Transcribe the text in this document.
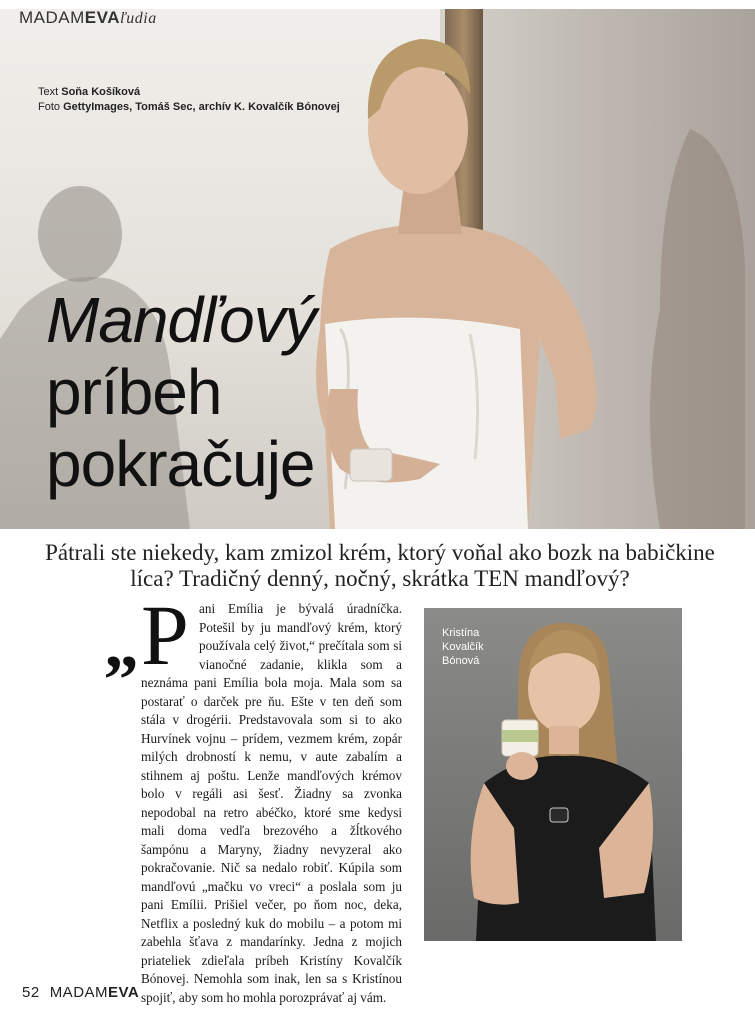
Text Soňa Košíková
Foto GettyImages, Tomáš Sec, archív K. Kovalčík Bónovej
Mandľový
príbeh
pokračuje
MADAMEVAľudia
Pátrali ste niekedy, kam zmizol krém, ktorý voňal ako bozk na babičkine líca? Tradičný denný, nočný, skrátka TEN mandľový?
„ P ani Emília je bývalá úradníčka. Potešil by ju mandľový krém, ktorý používala celý život,“ prečítala som si vianočné zadanie, klikla som a neznáma pani Emília bola moja. Mala som sa postarať o darček pre ňu. Ešte v ten deň som stála v drogérii. Predstavovala som si to ako Hurvínek vojnu – prídem, vezmem krém, zopár milých drobností k nemu, v aute zabalím a stihnem aj poštu. Lenže mandľových krémov bolo v regáli asi šesť. Žiadny sa zvonka nepodobal na retro abéčko, ktoré sme kedysi mali doma vedľa brezového a žĺtkového šampónu a Maryny, žiadny nevyzeral ako pokračovanie. Nič sa nedalo robiť. Kúpila som mandľovú „mačku vo vreci“ a poslala som ju pani Emílii. Prišiel večer, po ňom noc, deka, Netflix a posledný kuk do mobilu – a potom mi zabehla šťava z mandarínky. Jedna z mojich priateliek zdieľala príbeh Kristíny Kovalčík Bónovej. Nemohla som inak, len sa s Kristínou spojiť, aby som ho mohla porozprávať aj vám.
Kristína
Kovalčík
Bónová
52 MADAMEVA
